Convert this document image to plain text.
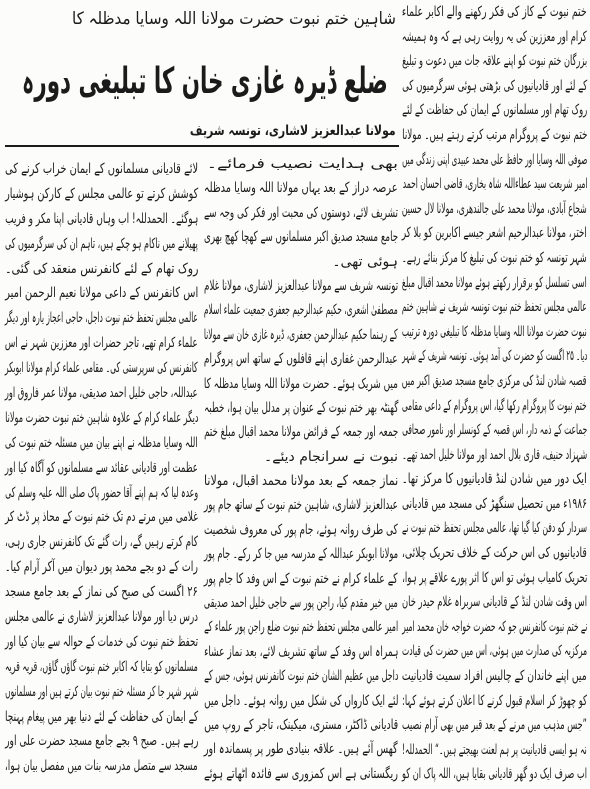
شاہین ختم نبوت حضرت مولانا اللہ وسایا مدظلہ کا
ضلع ڈیرہ غازی خان کا تبلیغی دورہ
مولانا عبدالعزیز لاشاری، تونسہ شریف
ختم نبوت کے کاز کی فکر رکھنے والے اکابر علماء
کرام اور معززین کی یہ روایت رہی ہے کہ وہ ہمیشہ
بزرگان ختم نبوت کو اپنے علاقہ جات میں دعوت و تبلیغ
کے لئے اور قادیانیوں کی بڑھتی ہوئی سرگرمیوں کی
روک تھام اور مسلمانوں کے ایمان کی حفاظت کے لئے
ختم نبوت کے پروگرام مرتب کرتے رہتے ہیں۔ مولانا
صوفی اللہ وسایا اور حافظ علی محمد عبیدی اپنی زندگی میں
امیر شریعت سید عطاءاللہ شاہ بخاری، قاضی احسان احمد
شجاع آبادی، مولانا محمد علی جالندھری، مولانا لال حسین
اختر، مولانا عبدالرحیم اشعر جیسے اکابرین کو بلا کر
شہر تونسہ کو ختم نبوت کی تبلیغ کا مرکز بنائے رہے۔
اسی تسلسل کو برقرار رکھتے ہوئے مولانا محمد اقبال مبلغ
عالمی مجلس تحفظ ختم نبوت تونسہ شریف نے شاہین ختم
نبوت حضرت مولانا اللہ وسایا مدظلہ کا تبلیغی دورہ ترتیب
دیا۔ ۲۵ اگست کو حضرت کی آمد ہوئی۔ تونسہ شریف کے شہر
قصبہ شادن لنڈ کی مرکزی جامع مسجد صدیق اکبر میں
ختم نبوت کا پروگرام رکھا گیا، اس پروگرام کے داعی مقامی
جماعت کے ذمہ دار، اس قصبہ کے کونسلر اور نامور صحافی
شہزاد حنیف، قاری بلال احمد اور مولانا خلیل احمد تھے۔
ایک دور میں شادن لنڈ قادیانیوں کا مرکز تھا۔
۱۹۸۶ء میں تحصیل سنگھڑ کی مسجد میں قادیانی
سردار کو دفن کیا گیا تھا، عالمی مجلس تحفظ ختم نبوت نے
قادیانیوں کی اس حرکت کے خلاف تحریک چلائی،
تحریک کامیاب ہوئی تو اس کا اثر پورے علاقے پر ہوا،
اس وقت شادن لنڈ کے قادیانی سربراہ غلام حیدر خان
نے ختم نبوت کانفرنس جو کہ حضرت خواجہ خان محمد امیر
مرکزیہ کی صدارت میں ہوئی، اس میں حضرت کی قیادت
میں اپنے خاندان کے چالیس افراد سمیت قادیانیت
کو چھوڑ کر اسلام قبول کرنے کا اعلان کرتے ہوئے کہا:
”جس مذہب میں مرنے کے بعد قبر میں بھی آرام نصیب
نہ ہو ایسی قادیانیت پر ہم لعنت بھیجتے ہیں۔“ الحمدللہ!
اب صرف ایک دو گھر قادیانی بقایا ہیں، اللہ پاک ان کو
بھی ہدایت نصیب فرمائے۔
عرصہ دراز کے بعد یہاں مولانا اللہ وسایا مدظلہ
تشریف لائے، دوستوں کی محبت اور فکر کی وجہ سے
جامع مسجد صدیق اکبر مسلمانوں سے کھچا کھچ بھری
ہوئی تھی۔
تونسہ شریف سے مولانا عبدالعزیز لاشاری، مولانا غلام
مصطفیٰ اشعری، حکیم عبدالرحیم جعفری جمعیت علماء اسلام
کے رہنما حکیم عبدالرحمن جعفری، ڈیرہ غازی خان سے مولانا
عبدالرحمن غفاری اپنے قافلوں کے ساتھ اس پروگرام
میں شریک ہوئے۔ حضرت مولانا اللہ وسایا مدظلہ کا
گھنٹہ بھر ختم نبوت کے عنوان پر مدلل بیان ہوا، خطبہ
جمعہ اور جمعہ کے فرائض مولانا محمد اقبال مبلغ ختم
نبوت نے سرانجام دیئے۔
نماز جمعہ کے بعد مولانا محمد اقبال، مولانا
عبدالعزیز لاشاری، شاہین ختم نبوت کے ساتھ جام پور
کی طرف روانہ ہوئے، جام پور کی معروف شخصیت
مولانا ابوبکر عبداللہ کے مدرسہ میں جا کر رکے۔ جام پور
کے علماء کرام نے ختم نبوت کے اس وفد کا جام پور
میں خیر مقدم کیا، راجن پور سے حاجی خلیل احمد صدیقی
امیر عالمی مجلس تحفظ ختم نبوت ضلع راجن پور علماء کے
ہمراہ اس وفد کے ساتھ تشریف لائے، بعد نماز عشاء
داجل میں عظیم الشان ختم نبوت کانفرنس ہوئی، جس کے
لئے ایک کارواں کی شکل میں روانہ ہوئے۔ داجل میں
قادیانی ڈاکٹر، مستری، میکینک، تاجر کے روپ میں
گھس آئے ہیں۔ علاقہ بنیادی طور پر پسماندہ اور
ریگستانی ہے اس کمزوری سے فائدہ اٹھاتے ہوئے
لائے قادیانی مسلمانوں کے ایمان خراب کرنے کی
کوشش کرتے تو عالمی مجلس کے کارکن ہوشیار
ہوگئے۔ الحمدللہ! اب وہاں قادیانی اپنا مکر و فریب
پھیلانے میں ناکام ہو چکے ہیں، تاہم ان کی سرگرمیوں کی
روک تھام کے لئے کانفرنس منعقد کی گئی۔
اس کانفرنس کے داعی مولانا نعیم الرحمن امیر
عالمی مجلس تحفظ ختم نبوت داجل، حاجی اعجاز یارہ اور دیگر
علماء کرام تھے، تاجر حضرات اور معززین شہر نے اس
کانفرنس کی سرپرستی کی۔ مقامی علماء کرام مولانا ابوبکر
عبداللہ، حاجی خلیل احمد صدیقی، مولانا عمر فاروق اور
دیگر علماء کرام کے علاوہ شاہین ختم نبوت حضرت مولانا
اللہ وسایا مدظلہ نے اپنے بیان میں مسئلہ ختم نبوت کی
عظمت اور قادیانی عقائد سے مسلمانوں کو آگاہ کیا اور
وعدہ لیا کہ ہم اپنے آقا حضور پاک صلی اللہ علیہ وسلم کی
غلامی میں مرتے دم تک ختم نبوت کے محاذ پر ڈٹ کر
کام کرتے رہیں گے، رات گئے تک کانفرنس جاری رہی،
رات کے دو بجے محمد پور دیوان میں آکر آرام کیا۔
۲۶ اگست کی صبح کی نماز کے بعد جامع مسجد
درس دیا اور مولانا عبدالعزیز لاشاری نے عالمی مجلس
تحفظ ختم نبوت کی خدمات کے حوالہ سے بیان کیا اور
مسلمانوں کو بتایا کہ اکابر ختم نبوت گاؤں گاؤں، قریہ قریہ
شہر شہر جا کر مسئلہ ختم نبوت بیان کرتے ہیں اور مسلمانوں
کے ایمان کی حفاظت کے لئے دنیا بھر میں پیغام پہنچا
رہے ہیں۔ صبح ۹ بجے جامع مسجد حضرت علی اور
مسجد سے متصل مدرسہ بنات میں مفصل بیان ہوا،
